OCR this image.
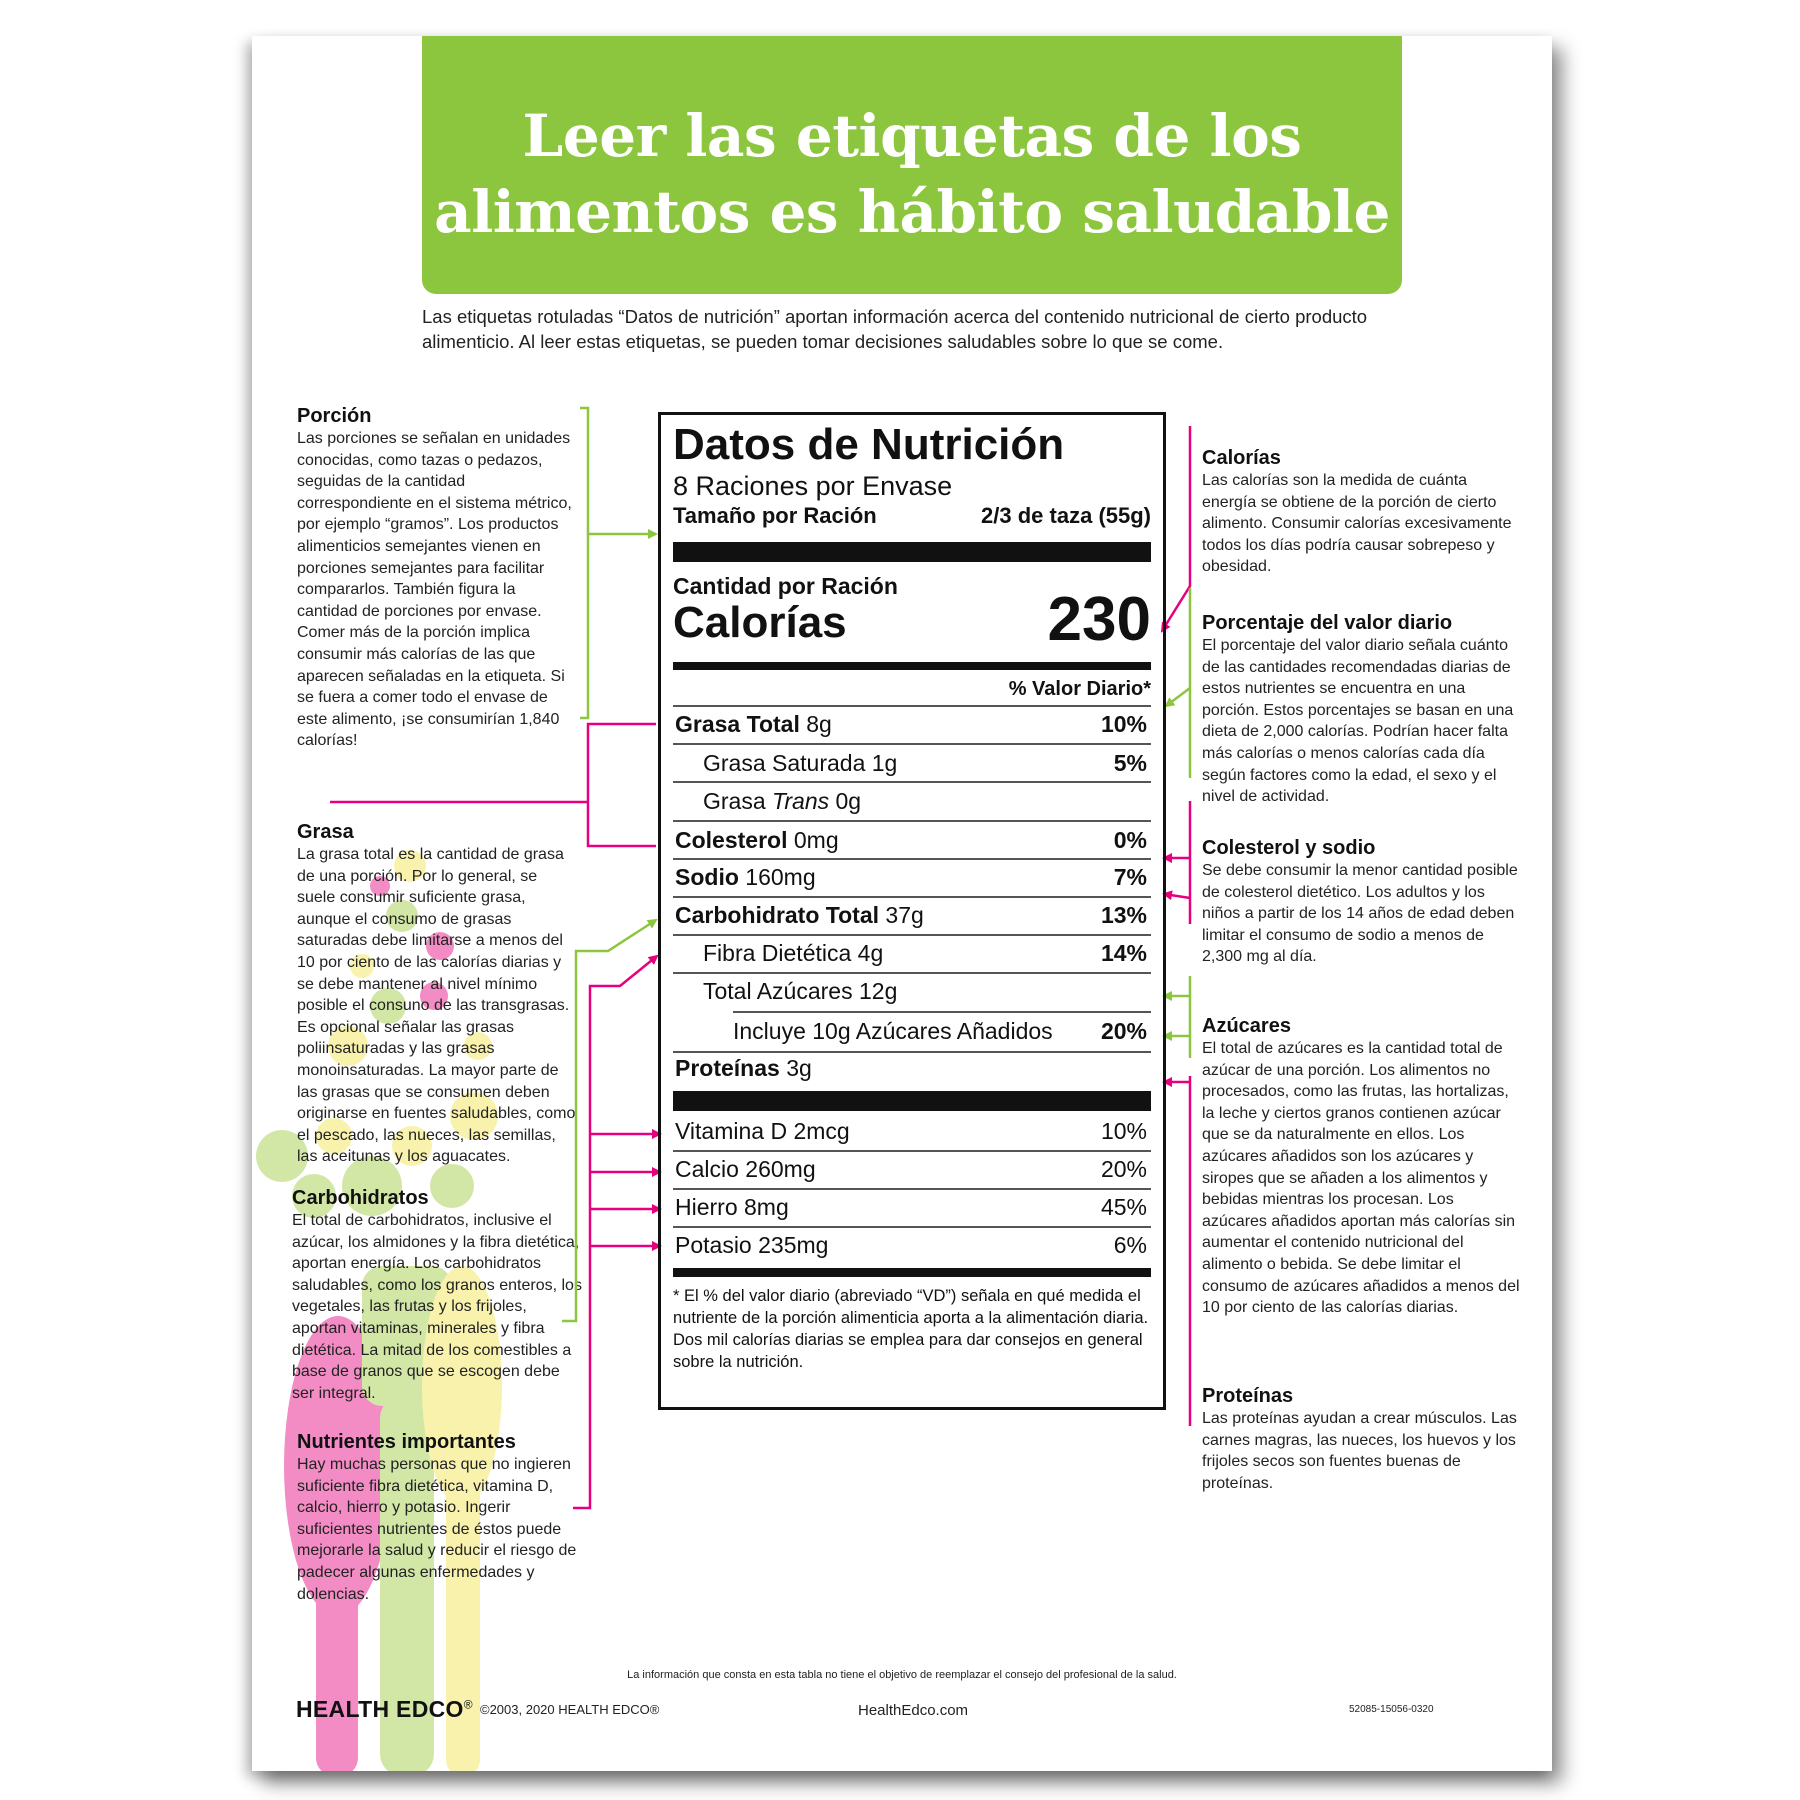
Leer las etiquetas de los
alimentos es hábito saludable

Las etiquetas rotuladas “Datos de nutrición” aportan información acerca del contenido nutricional de cierto producto alimenticio. Al leer estas etiquetas, se pueden tomar decisiones saludables sobre lo que se come.

Porción

Las porciones se señalan en unidades conocidas, como tazas o pedazos, seguidas de la cantidad correspondiente en el sistema métrico, por ejemplo “gramos”. Los productos alimenticios semejantes vienen en porciones semejantes para facilitar compararlos. También figura la cantidad de porciones por envase. Comer más de la porción implica consumir más calorías de las que aparecen señaladas en la etiqueta. Si se fuera a comer todo el envase de este alimento, ¡se consumirían 1,840 calorías!

Grasa

La grasa total es la cantidad de grasa de una porción. Por lo general, se suele consumir suficiente grasa, aunque el consumo de grasas saturadas debe limitarse a menos del 10 por ciento de las calorías diarias y se debe mantener al nivel mínimo posible el consuno de las transgrasas. Es opcional señalar las grasas poliinsaturadas y las grasas monoinsaturadas. La mayor parte de las grasas que se consumen deben originarse en fuentes saludables, como el pescado, las nueces, las semillas, las aceitunas y los aguacates.

Carbohidratos

El total de carbohidratos, inclusive el azúcar, los almidones y la fibra dietética, aportan energía. Los carbohidratos saludables, como los granos enteros, los vegetales, las frutas y los frijoles, aportan vitaminas, minerales y fibra dietética. La mitad de los comestibles a base de granos que se escogen debe ser integral.

Nutrientes importantes

Hay muchas personas que no ingieren suficiente fibra dietética, vitamina D, calcio, hierro y potasio. Ingerir suficientes nutrientes de éstos puede mejorarle la salud y reducir el riesgo de padecer algunas enfermedades y dolencias.

Calorías

Las calorías son la medida de cuánta energía se obtiene de la porción de cierto alimento. Consumir calorías excesivamente todos los días podría causar sobrepeso y obesidad.

Porcentaje del valor diario

El porcentaje del valor diario señala cuánto de las cantidades recomendadas diarias de estos nutrientes se encuentra en una porción. Estos porcentajes se basan en una dieta de 2,000 calorías. Podrían hacer falta más calorías o menos calorías cada día según factores como la edad, el sexo y el nivel de actividad.

Colesterol y sodio

Se debe consumir la menor cantidad posible de colesterol dietético. Los adultos y los niños a partir de los 14 años de edad deben limitar el consumo de sodio a menos de 2,300 mg al día.

Azúcares

El total de azúcares es la cantidad total de azúcar de una porción. Los alimentos no procesados, como las frutas, las hortalizas, la leche y ciertos granos contienen azúcar que se da naturalmente en ellos. Los azúcares añadidos son los azúcares y siropes que se añaden a los alimentos y bebidas mientras los procesan. Los azúcares añadidos aportan más calorías sin aumentar el contenido nutricional del alimento o bebida. Se debe limitar el consumo de azúcares añadidos a menos del 10 por ciento de las calorías diarias.

Proteínas

Las proteínas ayudan a crear músculos. Las carnes magras, las nueces, los huevos y los frijoles secos son fuentes buenas de proteínas.

Datos de Nutrición
8 Raciones por Envase
Tamaño por Ración	2/3 de taza (55g)
Cantidad por Ración
Calorías	230
% Valor Diario*
Grasa Total 8g	10%
Grasa Saturada 1g	5%
Grasa Trans 0g
Colesterol 0mg	0%
Sodio 160mg	7%
Carbohidrato Total 37g	13%
Fibra Dietética 4g	14%
Total Azúcares 12g
Incluye 10g Azúcares Añadidos 20%
Proteínas 3g
Vitamina D 2mcg	10%
Calcio 260mg	20%
Hierro 8mg	45%
Potasio 235mg	6%
* El % del valor diario (abreviado “VD”) señala en qué medida el nutriente de la porción alimenticia aporta a la alimentación diaria. Dos mil calorías diarias se emplea para dar consejos en general sobre la nutrición.
La información que consta en esta tabla no tiene el objetivo de reemplazar el consejo del profesional de la salud.
HEALTH EDCO® ©2003, 2020 HEALTH EDCO®	HealthEdco.com	52085-15056-0320
